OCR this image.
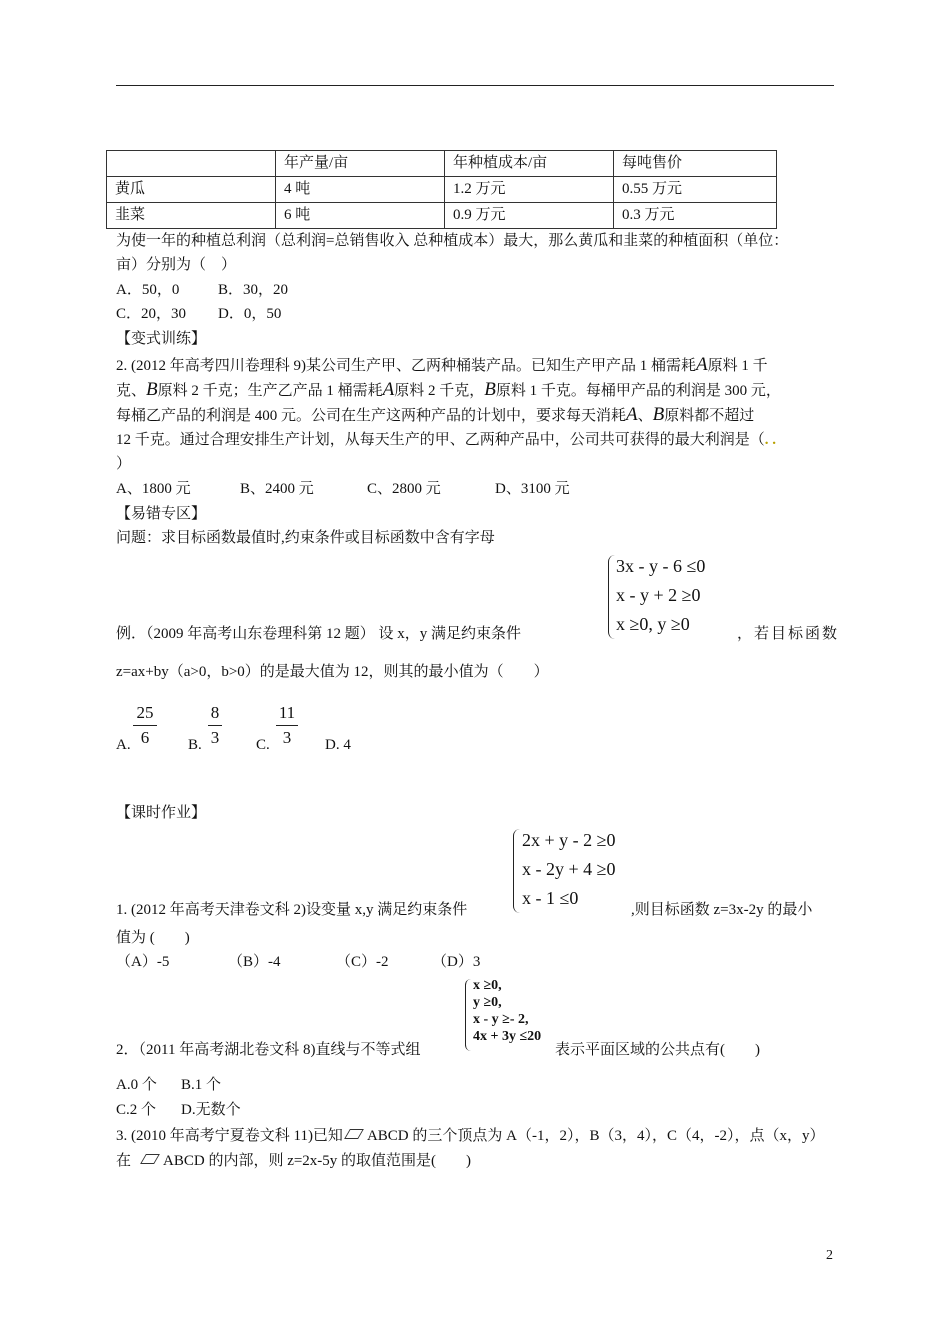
	年产量/亩	年种植成本/亩	每吨售价
黄瓜	4 吨	1.2 万元	0.55 万元
韭菜	6 吨	0.9 万元	0.3 万元
为使一年的种植总利润（总利润=总销售收入 总种植成本）最大，那么黄瓜和韭菜的种植面积（单位：
亩）分别为（　）
A．50，0	B．30，20
C．20，30 D．0，50
【变式训练】
2. (2012 年高考四川卷理科 9)某公司生产甲、乙两种桶装产品。已知生产甲产品 1 桶需耗A原料 1 千
克、B原料 2 千克；生产乙产品 1 桶需耗A原料 2 千克，B原料 1 千克。每桶甲产品的利润是 300 元，
每桶乙产品的利润是 400 元。公司在生产这两种产品的计划中，要求每天消耗A、B原料都不超过
12 千克。通过合理安排生产计划，从每天生产的甲、乙两种产品中，公司共可获得的最大利润是（. .
）
A、1800 元	B、2400 元	C、2800 元	D、3100 元
【易错专区】
问题：求目标函数最值时,约束条件或目标函数中含有字母
3x - y - 6 ≤0
x - y + 2 ≥0
x ≥0, y ≥0
例．（2009 年高考山东卷理科第 12 题） 设 x，y 满足约束条件	，若目标函数
z=ax+by（a>0，b>0）的是最大值为 12，则其的最小值为（　　）
A.
25
6	B.
8
3 C.
11
3	D. 4
【课时作业】
2x + y - 2 ≥0
x - 2y + 4 ≥0
x - 1 ≤0
1. (2012 年高考天津卷文科 2)设变量 x,y 满足约束条件	,则目标函数 z=3x-2y 的最小
值为 (　　)
（A）-5	（B）-4	（C）-2	（D）3
x ≥0,
y ≥0,
x - y ≥- 2,
4x + 3y ≤20
2．（2011 年高考湖北卷文科 8)直线与不等式组	表示平面区域的公共点有(　　)
A.0 个 B.1 个
C.2 个 D.无数个
3. (2010 年高考宁夏卷文科 11)已知 ABCD 的三个顶点为 A（-1，2），B（3，4），C（4，-2），点（x，y）
在 ABCD 的内部，则 z=2x-5y 的取值范围是(　　)
2
